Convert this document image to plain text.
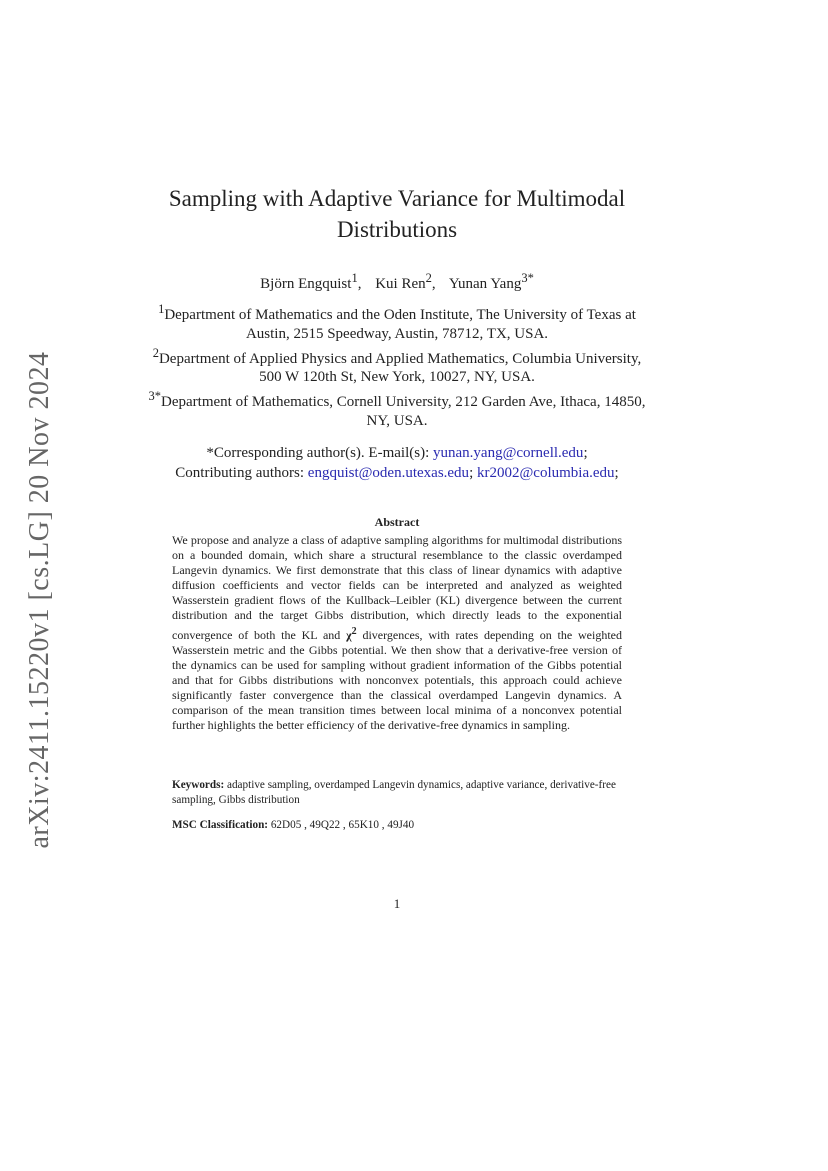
arXiv:2411.15220v1 [cs.LG] 20 Nov 2024
Sampling with Adaptive Variance for Multimodal
Distributions
Björn Engquist$^1$, Kui Ren$^2$, Yunan Yang$^{3*}$

$^1$Department of Mathematics and the Oden Institute, The University of Texas at Austin, 2515 Speedway, Austin, 78712, TX, USA.

$^2$Department of Applied Physics and Applied Mathematics, Columbia University, 500 W 120th St, New York, 10027, NY, USA.

$^{3*}$Department of Mathematics, Cornell University, 212 Garden Ave, Ithaca, 14850, NY, USA.

*Corresponding author(s). E-mail(s): yunan.yang@cornell.edu;
Contributing authors: engquist@oden.utexas.edu; kr2002@columbia.edu;
Abstract
We propose and analyze a class of adaptive sampling algorithms for multimodal distributions on a bounded domain, which share a structural resemblance to the classic overdamped Langevin dynamics. We first demonstrate that this class of linear dynamics with adaptive diffusion coefficients and vector fields can be interpreted and analyzed as weighted Wasserstein gradient flows of the Kullback–Leibler (KL) divergence between the current distribution and the target Gibbs distribution, which directly leads to the exponential convergence of both the KL and $\chi^2$ divergences, with rates depending on the weighted Wasserstein metric and the Gibbs potential. We then show that a derivative-free version of the dynamics can be used for sampling without gradient information of the Gibbs potential and that for Gibbs distributions with nonconvex potentials, this approach could achieve significantly faster convergence than the classical overdamped Langevin dynamics. A comparison of the mean transition times between local minima of a nonconvex potential further highlights the better efficiency of the derivative-free dynamics in sampling.
Keywords: adaptive sampling, overdamped Langevin dynamics, adaptive variance, derivative-free sampling, Gibbs distribution
MSC Classification: 62D05 , 49Q22 , 65K10 , 49J40
1
